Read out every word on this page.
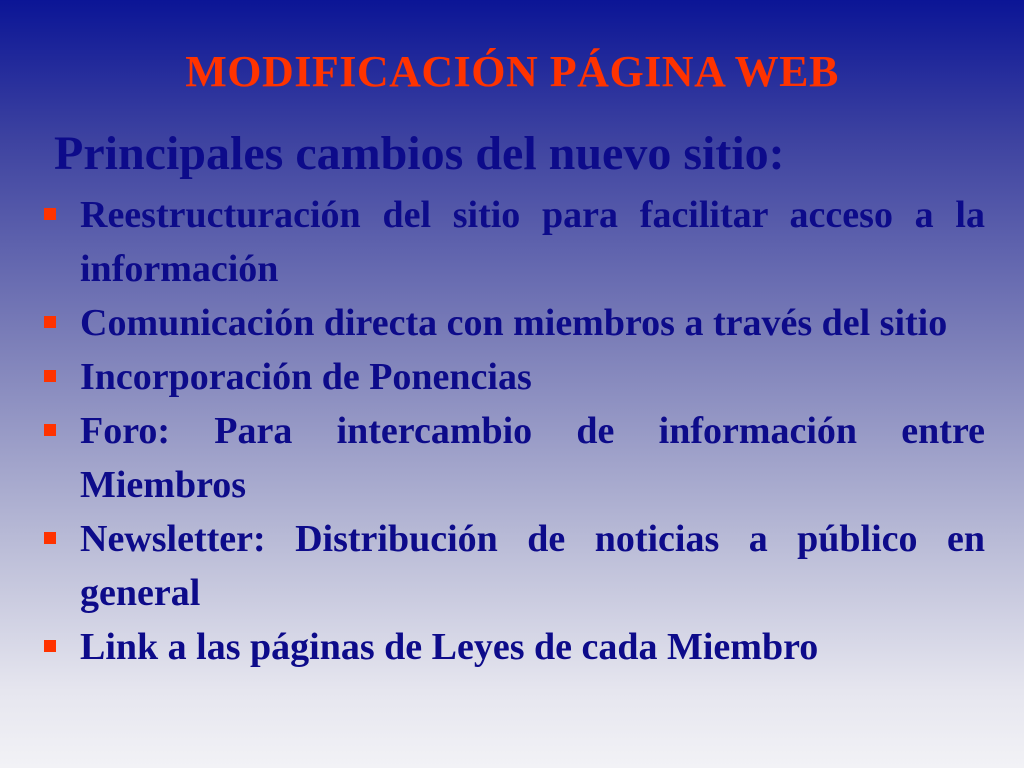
MODIFICACIÓN PÁGINA WEB
Principales cambios del nuevo sitio:
Reestructuración del sitio para facilitar acceso a la información
Comunicación directa con miembros a través del sitio
Incorporación de Ponencias
Foro: Para intercambio de información entre Miembros
Newsletter: Distribución de noticias a público en general
Link a las páginas de Leyes de cada Miembro
